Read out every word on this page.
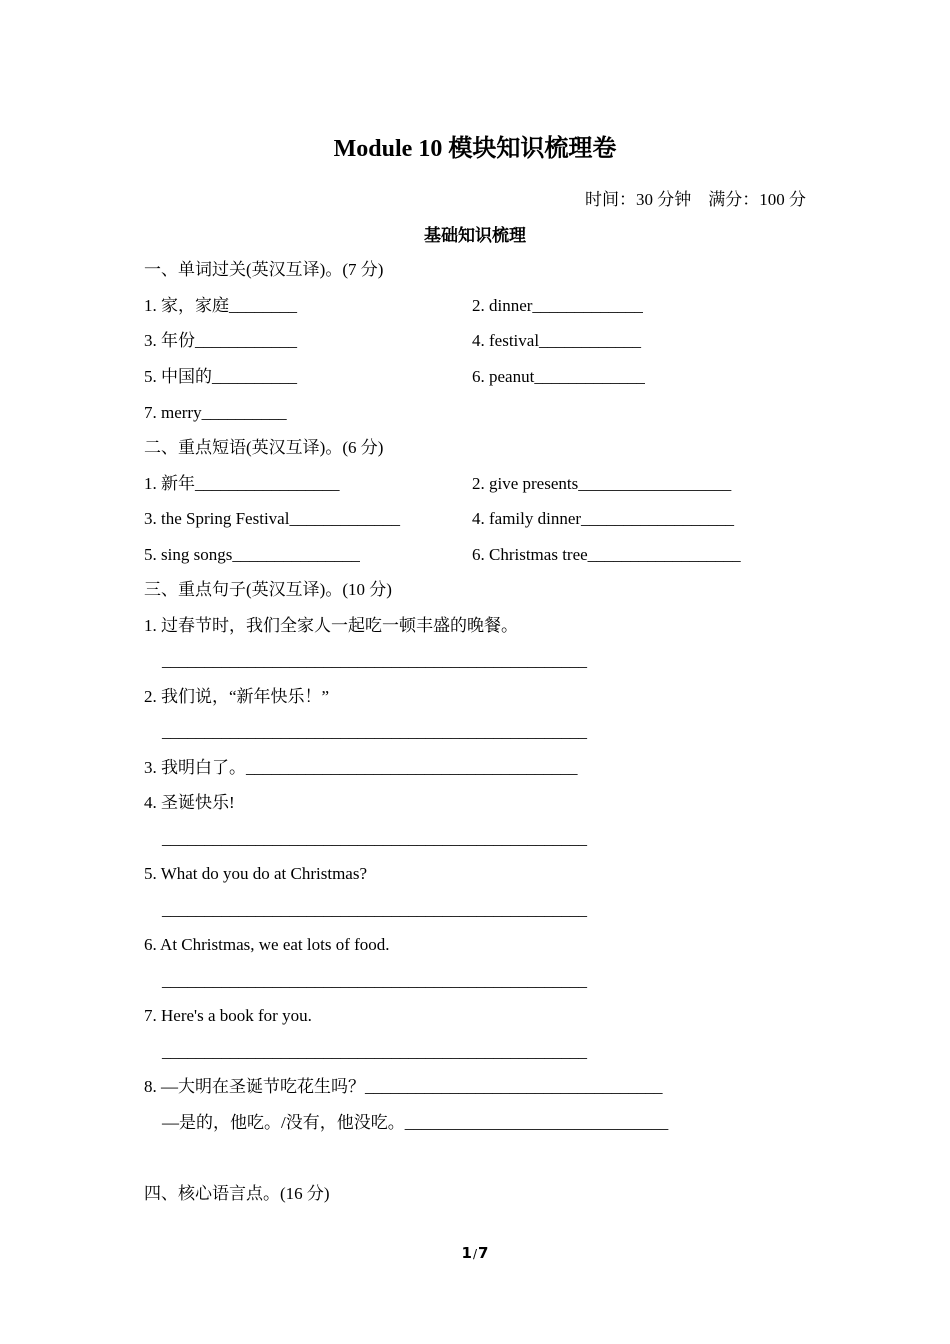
Module 10 模块知识梳理卷
时间：30 分钟　满分：100 分
基础知识梳理
一、单词过关(英汉互译)。(7 分)
1. 家，家庭________	2. dinner_____________
3. 年份____________	4. festival____________
5. 中国的__________	6. peanut_____________
7. merry__________
二、重点短语(英汉互译)。(6 分)
1. 新年_________________	2. give presents__________________
3. the Spring Festival_____________	4. family dinner__________________
5. sing songs_______________	6. Christmas tree__________________
三、重点句子(英汉互译)。(10 分)
1. 过春节时，我们全家人一起吃一顿丰盛的晚餐。
__________________________________________________
2. 我们说，“新年快乐！”
__________________________________________________
3. 我明白了。_______________________________________
4. 圣诞快乐!
__________________________________________________
5. What do you do at Christmas?
__________________________________________________
6. At Christmas, we eat lots of food.
__________________________________________________
7. Here's a book for you.
__________________________________________________
8. —大明在圣诞节吃花生吗？___________________________________
—是的，他吃。/没有，他没吃。_______________________________
四、核心语言点。(16 分)
1/7
